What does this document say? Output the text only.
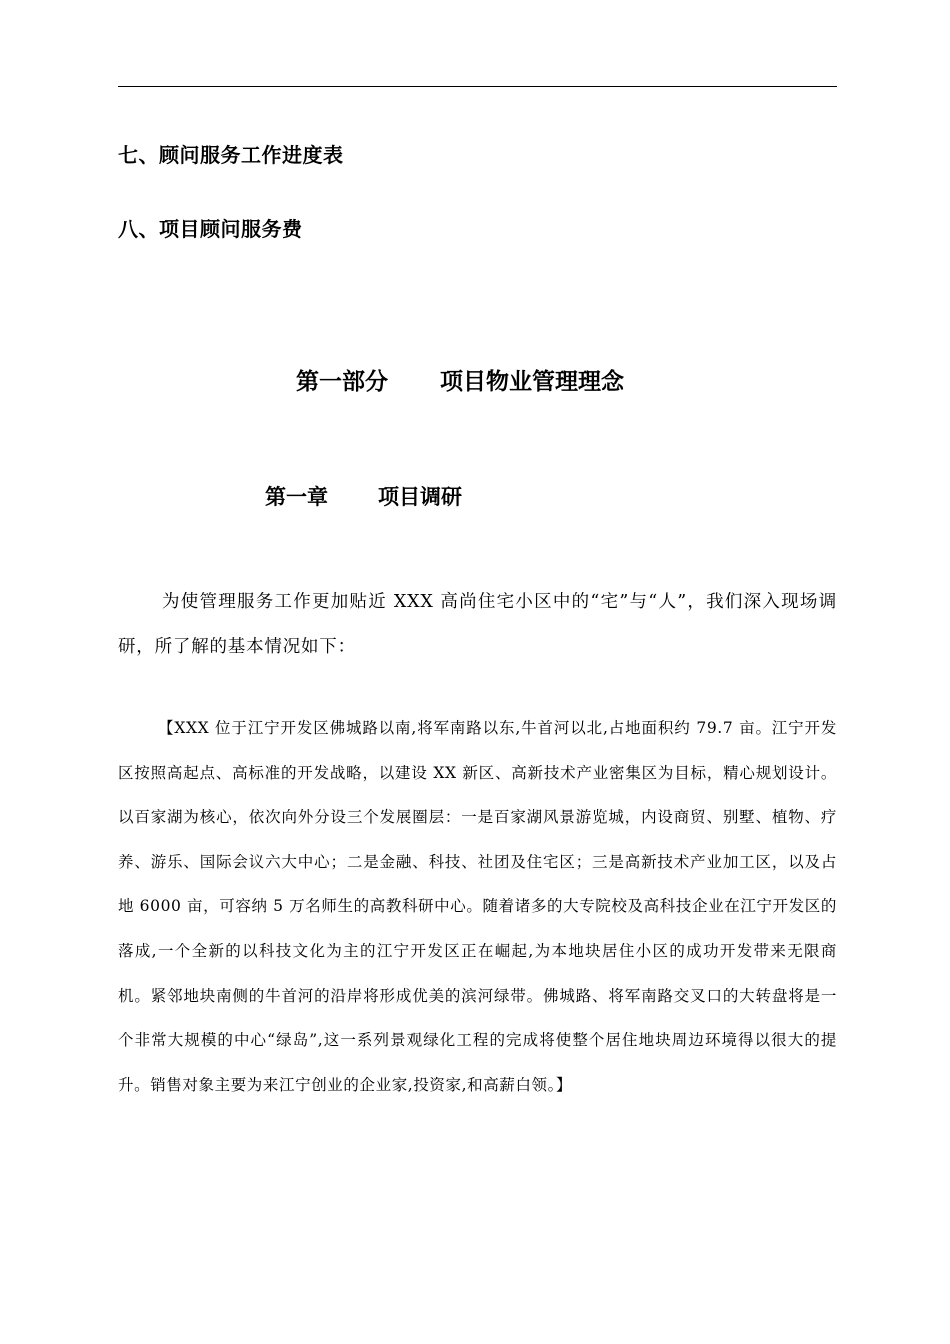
七、顾问服务工作进度表
八、项目顾问服务费
第一部分 项目物业管理理念
第一章 项目调研

为使管理服务工作更加贴近 XXX 高尚住宅小区中的“宅”与“人”，我们深入现场调研，所了解的基本情况如下：

【XXX 位于江宁开发区佛城路以南,将军南路以东,牛首河以北,占地面积约 79.7 亩。江宁开发区按照高起点、高标准的开发战略，以建设 XX 新区、高新技术产业密集区为目标，精心规划设计。以百家湖为核心，依次向外分设三个发展圈层：一是百家湖风景游览城，内设商贸、别墅、植物、疗养、游乐、国际会议六大中心；二是金融、科技、社团及住宅区；三是高新技术产业加工区，以及占地 6000 亩，可容纳 5 万名师生的高教科研中心。随着诸多的大专院校及高科技企业在江宁开发区的落成,一个全新的以科技文化为主的江宁开发区正在崛起,为本地块居住小区的成功开发带来无限商机。紧邻地块南侧的牛首河的沿岸将形成优美的滨河绿带。佛城路、将军南路交叉口的大转盘将是一个非常大规模的中心“绿岛”,这一系列景观绿化工程的完成将使整个居住地块周边环境得以很大的提升。销售对象主要为来江宁创业的企业家,投资家,和高薪白领。】
